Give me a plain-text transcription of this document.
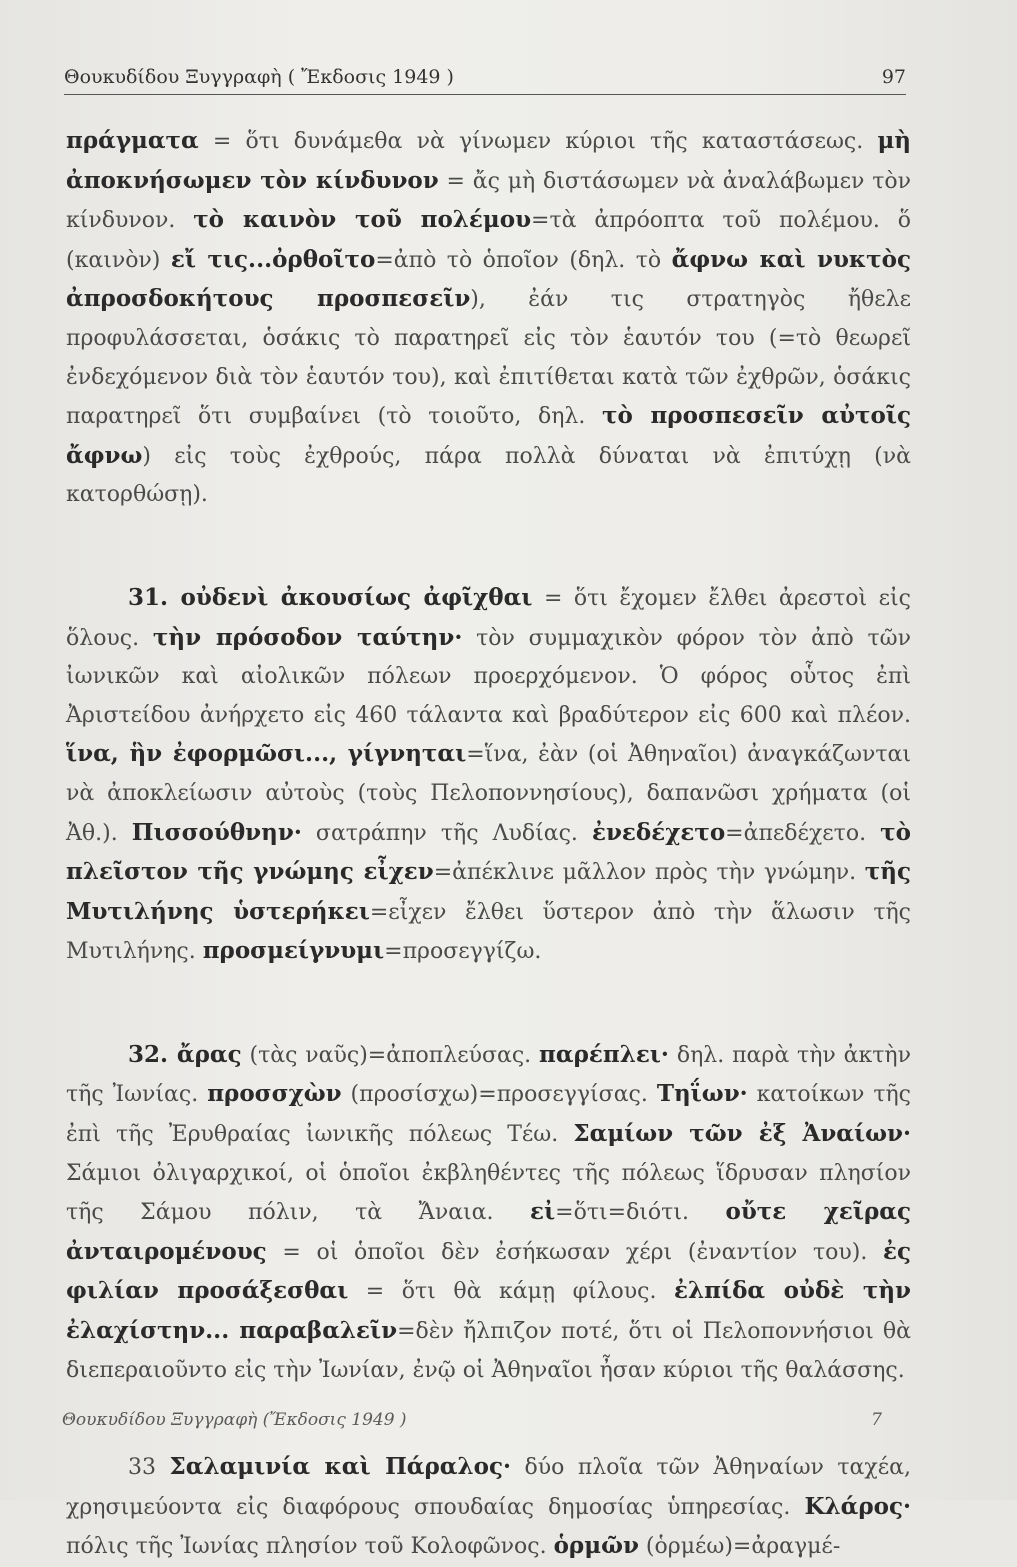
Θουκυδίδου Ξυγγραφὴ ( Ἔκδοσις 1949 )	97

πράγματα = ὅτι δυνάμεθα νὰ γίνωμεν κύριοι τῆς καταστάσεως. μὴ ἀποκνήσωμεν τὸν κίνδυνον = ἄς μὴ διστάσωμεν νὰ ἀναλάβωμεν τὸν κίνδυνον. τὸ καινὸν τοῦ πολέμου=τὰ ἀπρόοπτα τοῦ πολέμου. ὅ (καινὸν) εἴ τις...ὀρθοῖτο=ἀπὸ τὸ ὁποῖον (δηλ. τὸ ἄφνω καὶ νυκτὸς ἀπροσδοκήτους προσπεσεῖν), ἐάν τις στρατηγὸς ἤθελε προφυλάσσεται, ὁσάκις τὸ παρατηρεῖ εἰς τὸν ἑαυτόν του (=τὸ θεωρεῖ ἐνδεχόμενον διὰ τὸν ἑαυτόν του), καὶ ἐπιτίθεται κατὰ τῶν ἐχθρῶν, ὁσάκις παρατηρεῖ ὅτι συμβαίνει (τὸ τοιοῦτο, δηλ. τὸ προσπεσεῖν αὐτοῖς ἄφνω) εἰς τοὺς ἐχθρούς, πάρα πολλὰ δύναται νὰ ἐπιτύχῃ (νὰ κατορθώσῃ).

31. οὐδενὶ ἀκουσίως ἀφῖχθαι = ὅτι ἔχομεν ἔλθει ἀρεστοὶ εἰς ὅλους. τὴν πρόσοδον ταύτην· τὸν συμμαχικὸν φόρον τὸν ἀπὸ τῶν ἰωνικῶν καὶ αἰολικῶν πόλεων προερχόμενον. Ὁ φόρος οὗτος ἐπὶ Ἀριστείδου ἀνήρχετο εἰς 460 τάλαντα καὶ βραδύτερον εἰς 600 καὶ πλέον. ἵνα, ἣν ἐφορμῶσι..., γίγνηται=ἵνα, ἐὰν (οἱ Ἀθηναῖοι) ἀναγκάζωνται νὰ ἀποκλείωσιν αὐτοὺς (τοὺς Πελοποννησίους), δαπανῶσι χρήματα (οἱ Ἀθ.). Πισσούθνην· σατράπην τῆς Λυδίας. ἐνεδέχετο=ἀπεδέχετο. τὸ πλεῖστον τῆς γνώμης εἶχεν=ἀπέκλινε μᾶλλον πρὸς τὴν γνώμην. τῆς Μυτιλήνης ὑστερήκει=εἶχεν ἔλθει ὕστερον ἀπὸ τὴν ἅλωσιν τῆς Μυτιλήνης. προσμείγνυμι=προσεγγίζω.

32. ἄρας (τὰς ναῦς)=ἀποπλεύσας. παρέπλει· δηλ. παρὰ τὴν ἀκτὴν τῆς Ἰωνίας. προσσχὼν (προσίσχω)=προσεγγίσας. Τηΐων· κατοίκων τῆς ἐπὶ τῆς Ἐρυθραίας ἰωνικῆς πόλεως Τέω. Σαμίων τῶν ἐξ Ἀναίων· Σάμιοι ὀλιγαρχικοί, οἱ ὁποῖοι ἐκβληθέντες τῆς πόλεως ἵδρυσαν πλησίον τῆς Σάμου πόλιν, τὰ Ἄναια. εἰ=ὅτι=διότι. οὔτε χεῖρας ἀνταιρομένους = οἱ ὁποῖοι δὲν ἐσήκωσαν χέρι (ἐναντίον του). ἐς φιλίαν προσάξεσθαι = ὅτι θὰ κάμῃ φίλους. ἐλπίδα οὐδὲ τὴν ἐλαχίστην... παραβαλεῖν=δὲν ἤλπιζον ποτέ, ὅτι οἱ Πελοποννήσιοι θὰ διεπεραιοῦντο εἰς τὴν Ἰωνίαν, ἐνῷ οἱ Ἀθηναῖοι ἦσαν κύριοι τῆς θαλάσσης.

33 Σαλαμινία καὶ Πάραλος· δύο πλοῖα τῶν Ἀθηναίων ταχέα, χρησιμεύοντα εἰς διαφόρους σπουδαίας δημοσίας ὑπηρεσίας. Κλάρος· πόλις τῆς Ἰωνίας πλησίον τοῦ Κολοφῶνος. ὁρμῶν (ὁρμέω)=ἀραγμέ-

Θουκυδίδου Ξυγγραφὴ (Ἔκδοσις 1949 )	7
